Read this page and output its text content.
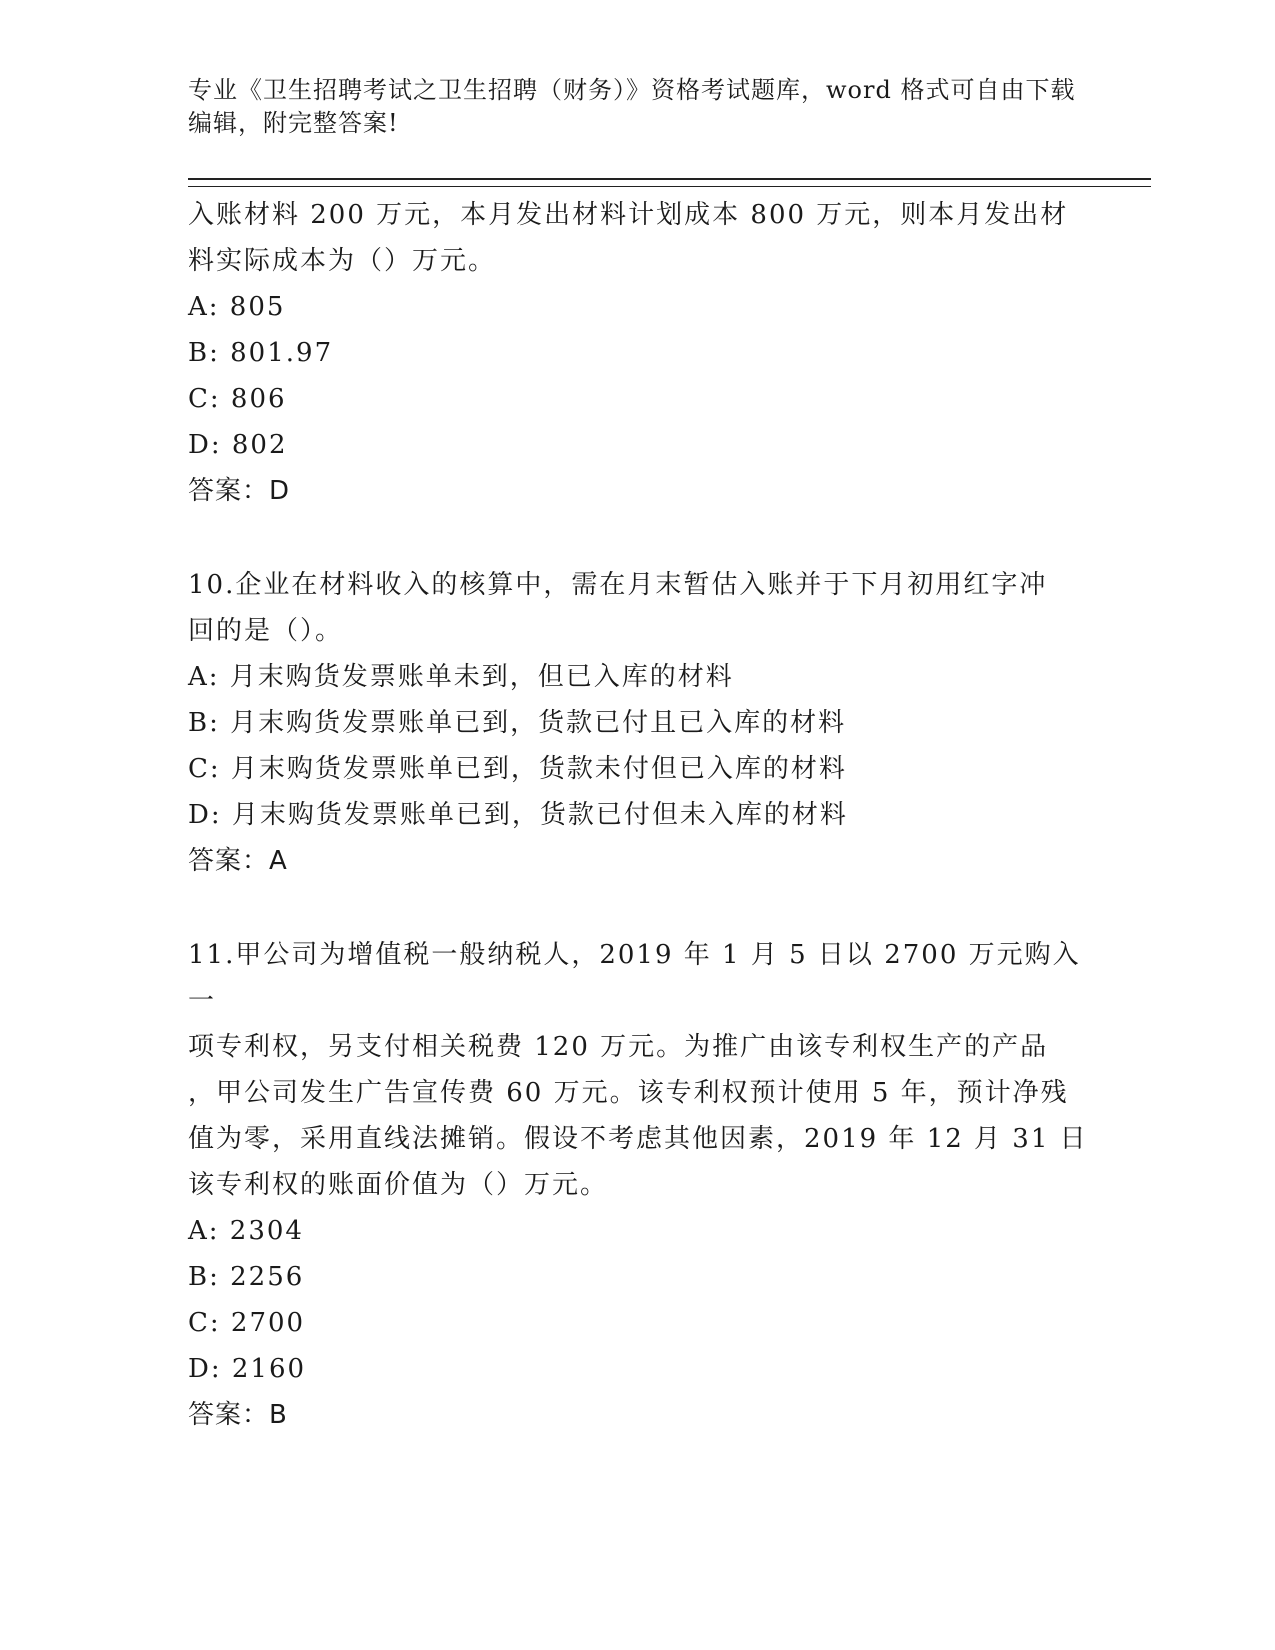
专业《卫生招聘考试之卫生招聘（财务）》资格考试题库，word 格式可自由下载
编辑，附完整答案!

入账材料 200 万元，本月发出材料计划成本 800 万元，则本月发出材

料实际成本为（）万元。

A: 805

B: 801.97

C: 806

D: 802

答案：D

10.企业在材料收入的核算中，需在月末暂估入账并于下月初用红字冲

回的是（）。

A: 月末购货发票账单未到，但已入库的材料

B: 月末购货发票账单已到，货款已付且已入库的材料

C: 月末购货发票账单已到，货款未付但已入库的材料

D: 月末购货发票账单已到，货款已付但未入库的材料

答案：A

11.甲公司为增值税一般纳税人，2019 年 1 月 5 日以 2700 万元购入一

项专利权，另支付相关税费 120 万元。为推广由该专利权生产的产品

，甲公司发生广告宣传费 60 万元。该专利权预计使用 5 年，预计净残

值为零，采用直线法摊销。假设不考虑其他因素，2019 年 12 月 31 日

该专利权的账面价值为（）万元。

A: 2304

B: 2256

C: 2700

D: 2160

答案：B
